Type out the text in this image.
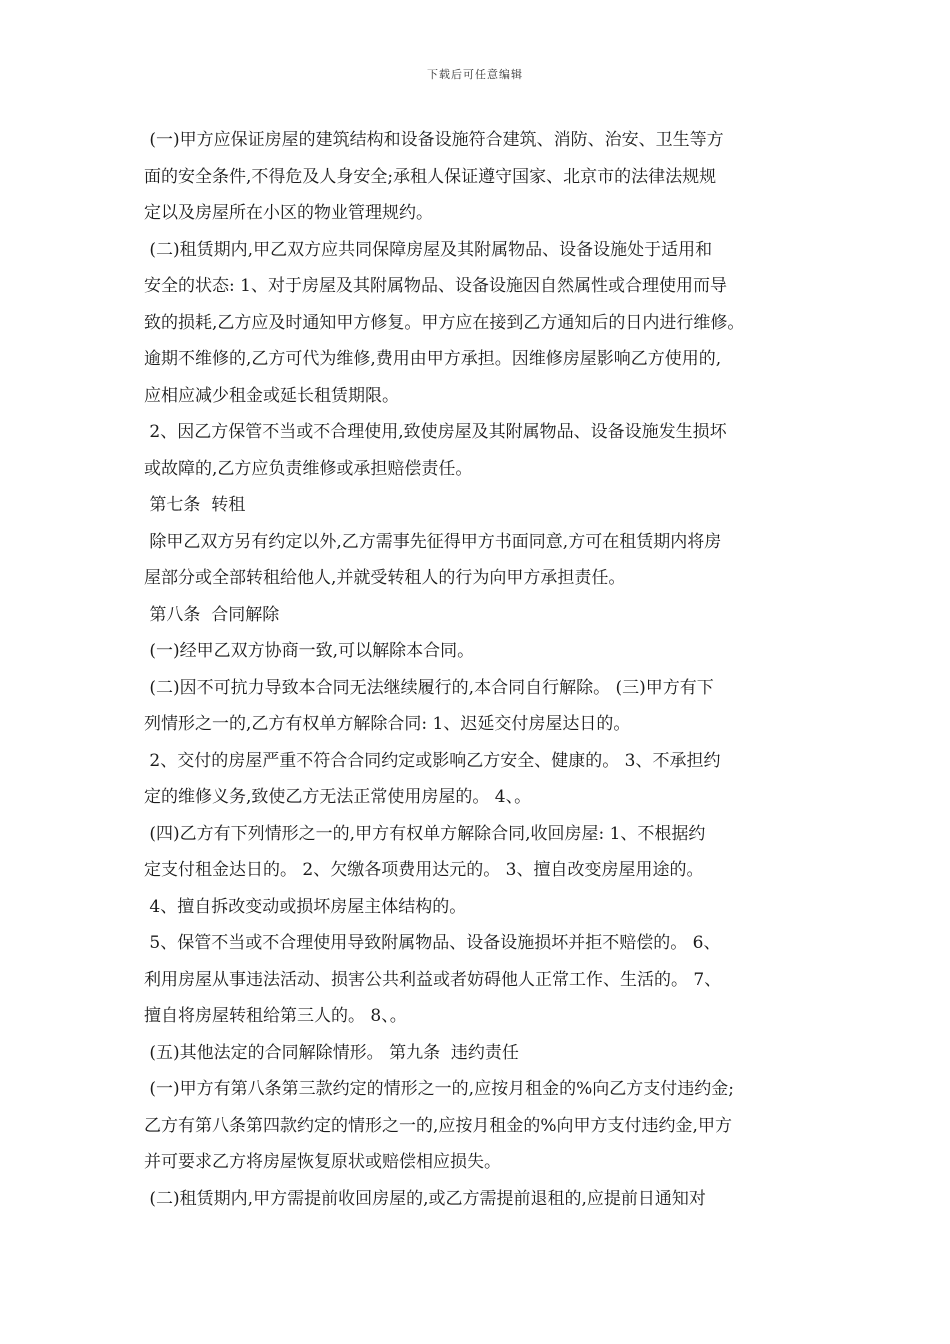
下载后可任意编辑
(一)甲方应保证房屋的建筑结构和设备设施符合建筑、消防、治安、卫生等方
面的安全条件,不得危及人身安全;承租人保证遵守国家、北京市的法律法规规
定以及房屋所在小区的物业管理规约。
(二)租赁期内,甲乙双方应共同保障房屋及其附属物品、设备设施处于适用和
安全的状态: 1、对于房屋及其附属物品、设备设施因自然属性或合理使用而导
致的损耗,乙方应及时通知甲方修复。甲方应在接到乙方通知后的日内进行维修。
逾期不维修的,乙方可代为维修,费用由甲方承担。因维修房屋影响乙方使用的,
应相应减少租金或延长租赁期限。
2、因乙方保管不当或不合理使用,致使房屋及其附属物品、设备设施发生损坏
或故障的,乙方应负责维修或承担赔偿责任。
第七条  转租
除甲乙双方另有约定以外,乙方需事先征得甲方书面同意,方可在租赁期内将房
屋部分或全部转租给他人,并就受转租人的行为向甲方承担责任。
第八条  合同解除
(一)经甲乙双方协商一致,可以解除本合同。
(二)因不可抗力导致本合同无法继续履行的,本合同自行解除。 (三)甲方有下
列情形之一的,乙方有权单方解除合同: 1、迟延交付房屋达日的。
2、交付的房屋严重不符合合同约定或影响乙方安全、健康的。 3、不承担约
定的维修义务,致使乙方无法正常使用房屋的。 4、。
(四)乙方有下列情形之一的,甲方有权单方解除合同,收回房屋: 1、不根据约
定支付租金达日的。 2、欠缴各项费用达元的。 3、擅自改变房屋用途的。
4、擅自拆改变动或损坏房屋主体结构的。
5、保管不当或不合理使用导致附属物品、设备设施损坏并拒不赔偿的。 6、
利用房屋从事违法活动、损害公共利益或者妨碍他人正常工作、生活的。 7、
擅自将房屋转租给第三人的。 8、。
(五)其他法定的合同解除情形。 第九条  违约责任
(一)甲方有第八条第三款约定的情形之一的,应按月租金的%向乙方支付违约金;
乙方有第八条第四款约定的情形之一的,应按月租金的%向甲方支付违约金,甲方
并可要求乙方将房屋恢复原状或赔偿相应损失。
(二)租赁期内,甲方需提前收回房屋的,或乙方需提前退租的,应提前日通知对
